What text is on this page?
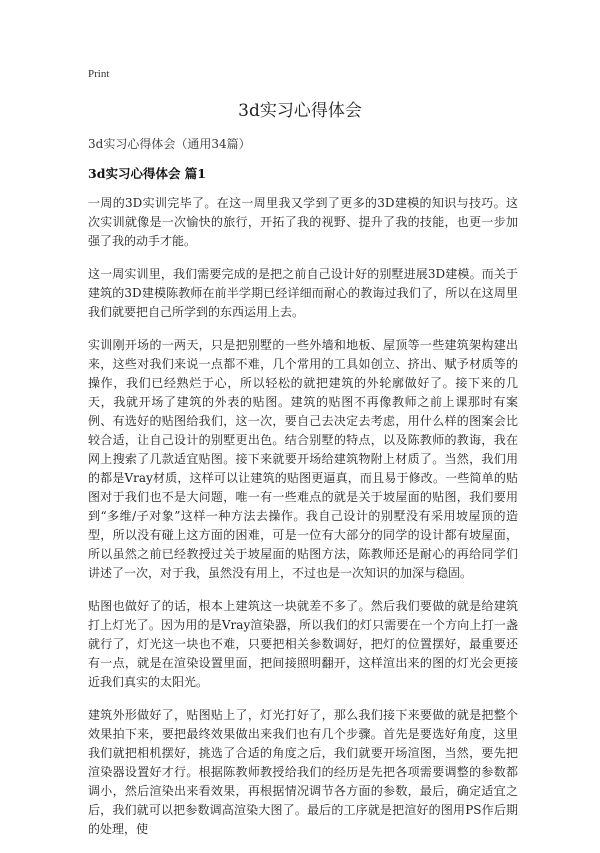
Print
3d实习心得体会
3d实习心得体会（通用34篇）
3d实习心得体会 篇1

一周的3D实训完毕了。在这一周里我又学到了更多的3D建模的知识与技巧。这次实训就像是一次愉快的旅行，开拓了我的视野、提升了我的技能，也更一步加强了我的动手才能。

这一周实训里，我们需要完成的是把之前自己设计好的别墅进展3D建模。而关于建筑的3D建模陈教师在前半学期已经详细而耐心的教诲过我们了，所以在这周里我们就要把自己所学到的东西运用上去。

实训刚开场的一两天，只是把别墅的一些外墙和地板、屋顶等一些建筑架构建出来，这些对我们来说一点都不难，几个常用的工具如创立、挤出、赋予材质等的操作，我们已经熟烂于心，所以轻松的就把建筑的外轮廓做好了。接下来的几天，我就开场了建筑的外表的贴图。建筑的贴图不再像教师之前上课那时有案例、有选好的贴图给我们，这一次，要自己去决定去考虑，用什么样的图案会比较合适，让自己设计的别墅更出色。结合别墅的特点，以及陈教师的教诲，我在网上搜索了几款适宜贴图。接下来就要开场给建筑物附上材质了。当然，我们用的都是Vray材质，这样可以让建筑的贴图更逼真，而且易于修改。一些简单的贴图对于我们也不是大问题，唯一有一些难点的就是关于坡屋面的贴图，我们要用到“多维/子对象”这样一种方法去操作。我自己设计的别墅没有采用坡屋顶的造型，所以没有碰上这方面的困难，可是一位有大部分的同学的设计都有坡屋面，所以虽然之前已经教授过关于坡屋面的贴图方法，陈教师还是耐心的再给同学们讲述了一次，对于我，虽然没有用上，不过也是一次知识的加深与稳固。

贴图也做好了的话，根本上建筑这一块就差不多了。然后我们要做的就是给建筑打上灯光了。因为用的是Vray渲染器，所以我们的灯只需要在一个方向上打一盏就行了，灯光这一块也不难，只要把相关参数调好，把灯的位置摆好，最重要还有一点，就是在渲染设置里面，把间接照明翻开，这样渲出来的图的灯光会更接近我们真实的太阳光。

建筑外形做好了，贴图贴上了，灯光打好了，那么我们接下来要做的就是把整个效果拍下来，要把最终效果做出来我们也有几个步骤。首先是要选好角度，这里我们就把相机摆好，挑选了合适的角度之后，我们就要开场渲图，当然，要先把渲染器设置好才行。根据陈教师教授给我们的经历是先把各项需要调整的参数都调小，然后渲染出来看效果，再根据情况调节各方面的参数，最后，确定适宜之后，我们就可以把参数调高渲染大图了。最后的工序就是把渲好的图用PS作后期的处理，使
